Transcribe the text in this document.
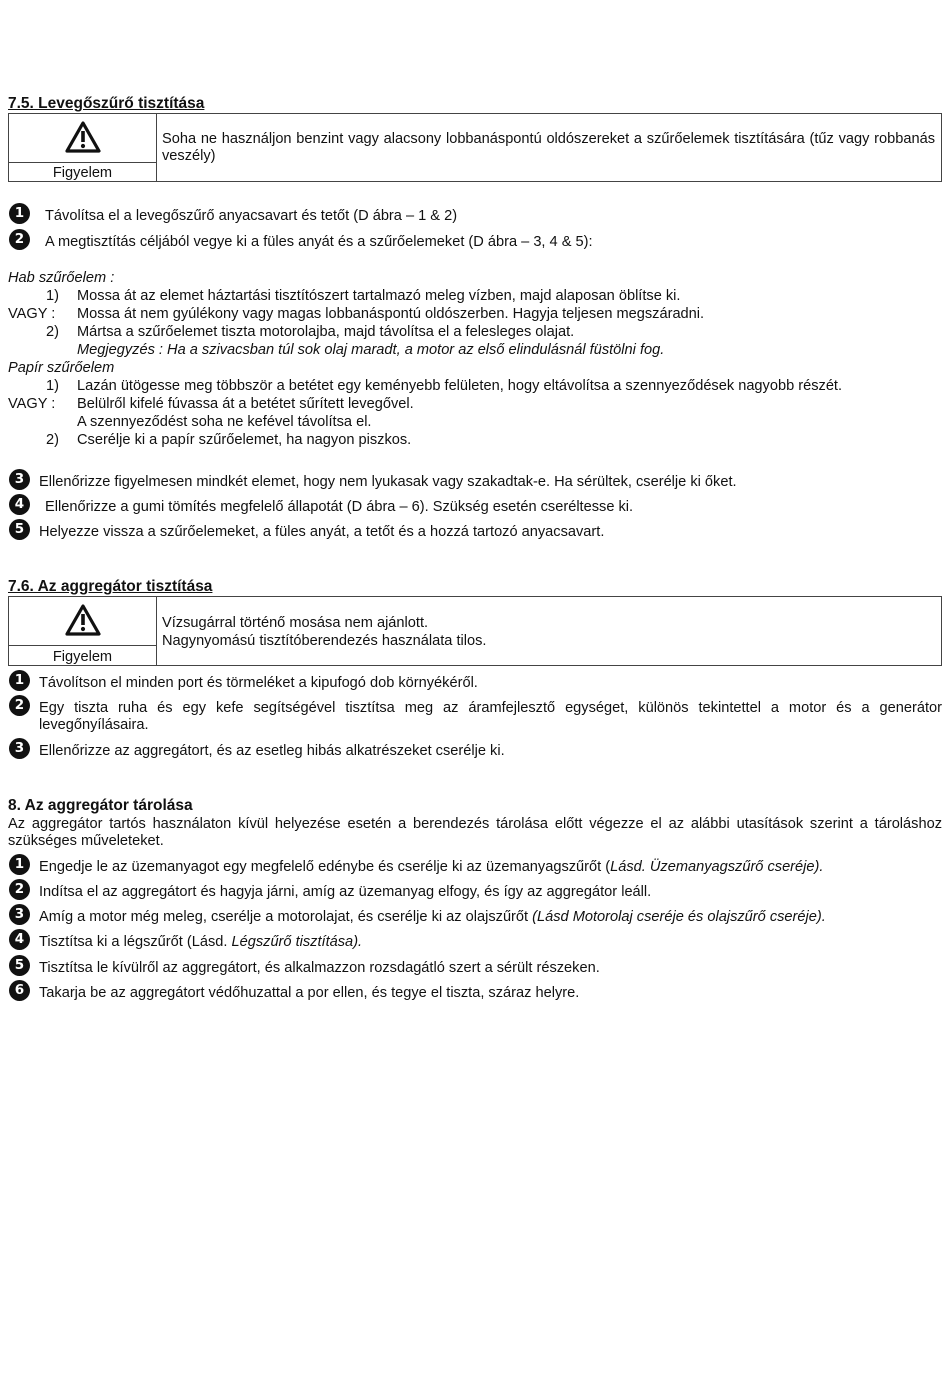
7.5. Levegőszűrő tisztítása
Figyelem
Soha ne használjon benzint vagy alacsony lobbanáspontú oldószereket a szűrőelemek tisztítására (tűz vagy robbanás veszély)
1	Távolítsa el a levegőszűrő anyacsavart és tetőt (D ábra – 1 & 2)
2	A megtisztítás céljából vegye ki a füles anyát és a szűrőelemeket (D ábra – 3, 4 & 5):
Hab szűrőelem :
1) Mossa át az elemet háztartási tisztítószert tartalmazó meleg vízben, majd alaposan öblítse ki.
VAGY : Mossa át nem gyúlékony vagy magas lobbanáspontú oldószerben. Hagyja teljesen megszáradni.
2) Mártsa a szűrőelemet tiszta motorolajba, majd távolítsa el a felesleges olajat.
Megjegyzés : Ha a szivacsban túl sok olaj maradt, a motor az első elindulásnál füstölni fog.
Papír szűrőelem
1) Lazán ütögesse meg többször a betétet egy keményebb felületen, hogy eltávolítsa a szennyeződések nagyobb részét.
VAGY : Belülről kifelé fúvassa át a betétet sűrített levegővel.
A szennyeződést soha ne kefével távolítsa el.
2) Cserélje ki a papír szűrőelemet, ha nagyon piszkos.
3	Ellenőrizze figyelmesen mindkét elemet, hogy nem lyukasak vagy szakadtak-e. Ha sérültek, cserélje ki őket.
4	Ellenőrizze a gumi tömítés megfelelő állapotát (D ábra – 6). Szükség esetén cseréltesse ki.
5	Helyezze vissza a szűrőelemeket, a füles anyát, a tetőt és a hozzá tartozó anyacsavart.
7.6. Az aggregátor tisztítása
Figyelem
Vízsugárral történő mosása nem ajánlott.
Nagynyomású tisztítóberendezés használata tilos.
1	Távolítson el minden port és törmeléket a kipufogó dob környékéről.
2	Egy tiszta ruha és egy kefe segítségével tisztítsa meg az áramfejlesztő egységet, különös tekintettel a motor és a generátor levegőnyílásaira.
3	Ellenőrizze az aggregátort, és az esetleg hibás alkatrészeket cserélje ki.
8. Az aggregátor tárolása
Az aggregátor tartós használaton kívül helyezése esetén a berendezés tárolása előtt végezze el az alábbi utasítások szerint a tároláshoz szükséges műveleteket.
1	Engedje le az üzemanyagot egy megfelelő edénybe és cserélje ki az üzemanyagszűrőt (Lásd. Üzemanyagszűrő cseréje).
2	Indítsa el az aggregátort és hagyja járni, amíg az üzemanyag elfogy, és így az aggregátor leáll.
3	Amíg a motor még meleg, cserélje a motorolajat, és cserélje ki az olajszűrőt (Lásd Motorolaj cseréje és olajszűrő cseréje).
4	Tisztítsa ki a légszűrőt (Lásd. Légszűrő tisztítása).
5	Tisztítsa le kívülről az aggregátort, és alkalmazzon rozsdagátló szert a sérült részeken.
6	Takarja be az aggregátort védőhuzattal a por ellen, és tegye el tiszta, száraz helyre.
